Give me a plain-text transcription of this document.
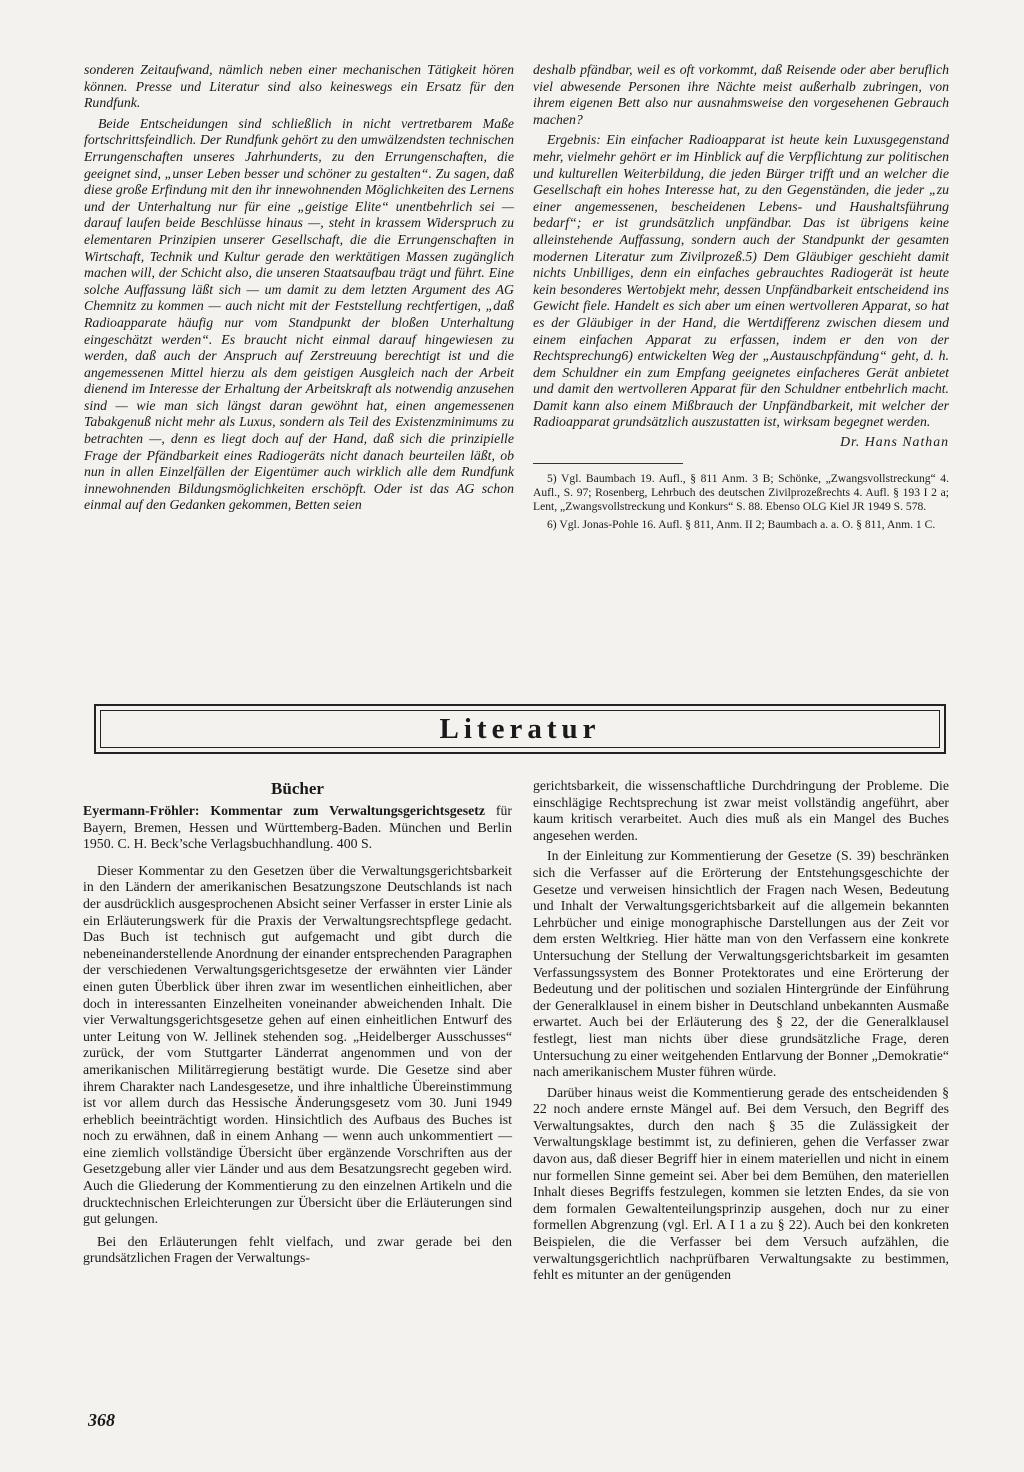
sonderen Zeitaufwand, nämlich neben einer mechanischen Tätigkeit hören können. Presse und Literatur sind also keineswegs ein Ersatz für den Rundfunk.

Beide Entscheidungen sind schließlich in nicht vertretbarem Maße fortschrittsfeindlich. Der Rundfunk gehört zu den umwälzendsten technischen Errungenschaften unseres Jahrhunderts, zu den Errungenschaften, die geeignet sind, „unser Leben besser und schöner zu gestalten“. Zu sagen, daß diese große Erfindung mit den ihr innewohnenden Möglichkeiten des Lernens und der Unterhaltung nur für eine „geistige Elite“ unentbehrlich sei — darauf laufen beide Beschlüsse hinaus —, steht in krassem Widerspruch zu elementaren Prinzipien unserer Gesellschaft, die die Errungenschaften in Wirtschaft, Technik und Kultur gerade den werktätigen Massen zugänglich machen will, der Schicht also, die unseren Staatsaufbau trägt und führt. Eine solche Auffassung läßt sich — um damit zu dem letzten Argument des AG Chemnitz zu kommen — auch nicht mit der Feststellung rechtfertigen, „daß Radioapparate häufig nur vom Standpunkt der bloßen Unterhaltung eingeschätzt werden“. Es braucht nicht einmal darauf hingewiesen zu werden, daß auch der Anspruch auf Zerstreuung berechtigt ist und die angemessenen Mittel hierzu als dem geistigen Ausgleich nach der Arbeit dienend im Interesse der Erhaltung der Arbeitskraft als notwendig anzusehen sind — wie man sich längst daran gewöhnt hat, einen angemessenen Tabakgenuß nicht mehr als Luxus, sondern als Teil des Existenzminimums zu betrachten —, denn es liegt doch auf der Hand, daß sich die prinzipielle Frage der Pfändbarkeit eines Radiogeräts nicht danach beurteilen läßt, ob nun in allen Einzelfällen der Eigentümer auch wirklich alle dem Rundfunk innewohnenden Bildungsmöglichkeiten erschöpft. Oder ist das AG schon einmal auf den Gedanken gekommen, Betten seien

deshalb pfändbar, weil es oft vorkommt, daß Reisende oder aber beruflich viel abwesende Personen ihre Nächte meist außerhalb zubringen, von ihrem eigenen Bett also nur ausnahmsweise den vorgesehenen Gebrauch machen?

Ergebnis: Ein einfacher Radioapparat ist heute kein Luxusgegenstand mehr, vielmehr gehört er im Hinblick auf die Verpflichtung zur politischen und kulturellen Weiterbildung, die jeden Bürger trifft und an welcher die Gesellschaft ein hohes Interesse hat, zu den Gegenständen, die jeder „zu einer angemessenen, bescheidenen Lebens- und Haushaltsführung bedarf“; er ist grundsätzlich unpfändbar. Das ist übrigens keine alleinstehende Auffassung, sondern auch der Standpunkt der gesamten modernen Literatur zum Zivilprozeß.5) Dem Gläubiger geschieht damit nichts Unbilliges, denn ein einfaches gebrauchtes Radiogerät ist heute kein besonderes Wertobjekt mehr, dessen Unpfändbarkeit entscheidend ins Gewicht fiele. Handelt es sich aber um einen wertvolleren Apparat, so hat es der Gläubiger in der Hand, die Wertdifferenz zwischen diesem und einem einfachen Apparat zu erfassen, indem er den von der Rechtsprechung6) entwickelten Weg der „Austauschpfändung“ geht, d. h. dem Schuldner ein zum Empfang geeignetes einfacheres Gerät anbietet und damit den wertvolleren Apparat für den Schuldner entbehrlich macht. Damit kann also einem Mißbrauch der Unpfändbarkeit, mit welcher der Radioapparat grundsätzlich auszustatten ist, wirksam begegnet werden.

Dr. Hans Nathan

5) Vgl. Baumbach 19. Aufl., § 811 Anm. 3 B; Schönke, „Zwangsvollstreckung“ 4. Aufl., S. 97; Rosenberg, Lehrbuch des deutschen Zivilprozeßrechts 4. Aufl. § 193 I 2 a; Lent, „Zwangsvollstreckung und Konkurs“ S. 88. Ebenso OLG Kiel JR 1949 S. 578.

6) Vgl. Jonas-Pohle 16. Aufl. § 811, Anm. II 2; Baumbach a. a. O. § 811, Anm. 1 C.

Literatur
Bücher

Eyermann-Fröhler: Kommentar zum Verwaltungsgerichtsgesetz für Bayern, Bremen, Hessen und Württemberg-Baden. München und Berlin 1950. C. H. Beck’sche Verlagsbuchhandlung. 400 S.

Dieser Kommentar zu den Gesetzen über die Verwaltungsgerichtsbarkeit in den Ländern der amerikanischen Besatzungszone Deutschlands ist nach der ausdrücklich ausgesprochenen Absicht seiner Verfasser in erster Linie als ein Erläuterungswerk für die Praxis der Verwaltungsrechtspflege gedacht. Das Buch ist technisch gut aufgemacht und gibt durch die nebeneinanderstellende Anordnung der einander entsprechenden Paragraphen der verschiedenen Verwaltungsgerichtsgesetze der erwähnten vier Länder einen guten Überblick über ihren zwar im wesentlichen einheitlichen, aber doch in interessanten Einzelheiten voneinander abweichenden Inhalt. Die vier Verwaltungsgerichtsgesetze gehen auf einen einheitlichen Entwurf des unter Leitung von W. Jellinek stehenden sog. „Heidelberger Ausschusses“ zurück, der vom Stuttgarter Länderrat angenommen und von der amerikanischen Militärregierung bestätigt wurde. Die Gesetze sind aber ihrem Charakter nach Landesgesetze, und ihre inhaltliche Übereinstimmung ist vor allem durch das Hessische Änderungsgesetz vom 30. Juni 1949 erheblich beeinträchtigt worden. Hinsichtlich des Aufbaus des Buches ist noch zu erwähnen, daß in einem Anhang — wenn auch unkommentiert — eine ziemlich vollständige Übersicht über ergänzende Vorschriften aus der Gesetzgebung aller vier Länder und aus dem Besatzungsrecht gegeben wird. Auch die Gliederung der Kommentierung zu den einzelnen Artikeln und die drucktechnischen Erleichterungen zur Übersicht über die Erläuterungen sind gut gelungen.

Bei den Erläuterungen fehlt vielfach, und zwar gerade bei den grundsätzlichen Fragen der Verwaltungs-

gerichtsbarkeit, die wissenschaftliche Durchdringung der Probleme. Die einschlägige Rechtsprechung ist zwar meist vollständig angeführt, aber kaum kritisch verarbeitet. Auch dies muß als ein Mangel des Buches angesehen werden.

In der Einleitung zur Kommentierung der Gesetze (S. 39) beschränken sich die Verfasser auf die Erörterung der Entstehungsgeschichte der Gesetze und verweisen hinsichtlich der Fragen nach Wesen, Bedeutung und Inhalt der Verwaltungsgerichtsbarkeit auf die allgemein bekannten Lehrbücher und einige monographische Darstellungen aus der Zeit vor dem ersten Weltkrieg. Hier hätte man von den Verfassern eine konkrete Untersuchung der Stellung der Verwaltungsgerichtsbarkeit im gesamten Verfassungssystem des Bonner Protektorates und eine Erörterung der Bedeutung und der politischen und sozialen Hintergründe der Einführung der Generalklausel in einem bisher in Deutschland unbekannten Ausmaße erwartet. Auch bei der Erläuterung des § 22, der die Generalklausel festlegt, liest man nichts über diese grundsätzliche Frage, deren Untersuchung zu einer weitgehenden Entlarvung der Bonner „Demokratie“ nach amerikanischem Muster führen würde.

Darüber hinaus weist die Kommentierung gerade des entscheidenden § 22 noch andere ernste Mängel auf. Bei dem Versuch, den Begriff des Verwaltungsaktes, durch den nach § 35 die Zulässigkeit der Verwaltungsklage bestimmt ist, zu definieren, gehen die Verfasser zwar davon aus, daß dieser Begriff hier in einem materiellen und nicht in einem nur formellen Sinne gemeint sei. Aber bei dem Bemühen, den materiellen Inhalt dieses Begriffs festzulegen, kommen sie letzten Endes, da sie von dem formalen Gewaltenteilungsprinzip ausgehen, doch nur zu einer formellen Abgrenzung (vgl. Erl. A I 1 a zu § 22). Auch bei den konkreten Beispielen, die die Verfasser bei dem Versuch aufzählen, die verwaltungsgerichtlich nachprüfbaren Verwaltungsakte zu bestimmen, fehlt es mitunter an der genügenden

368
